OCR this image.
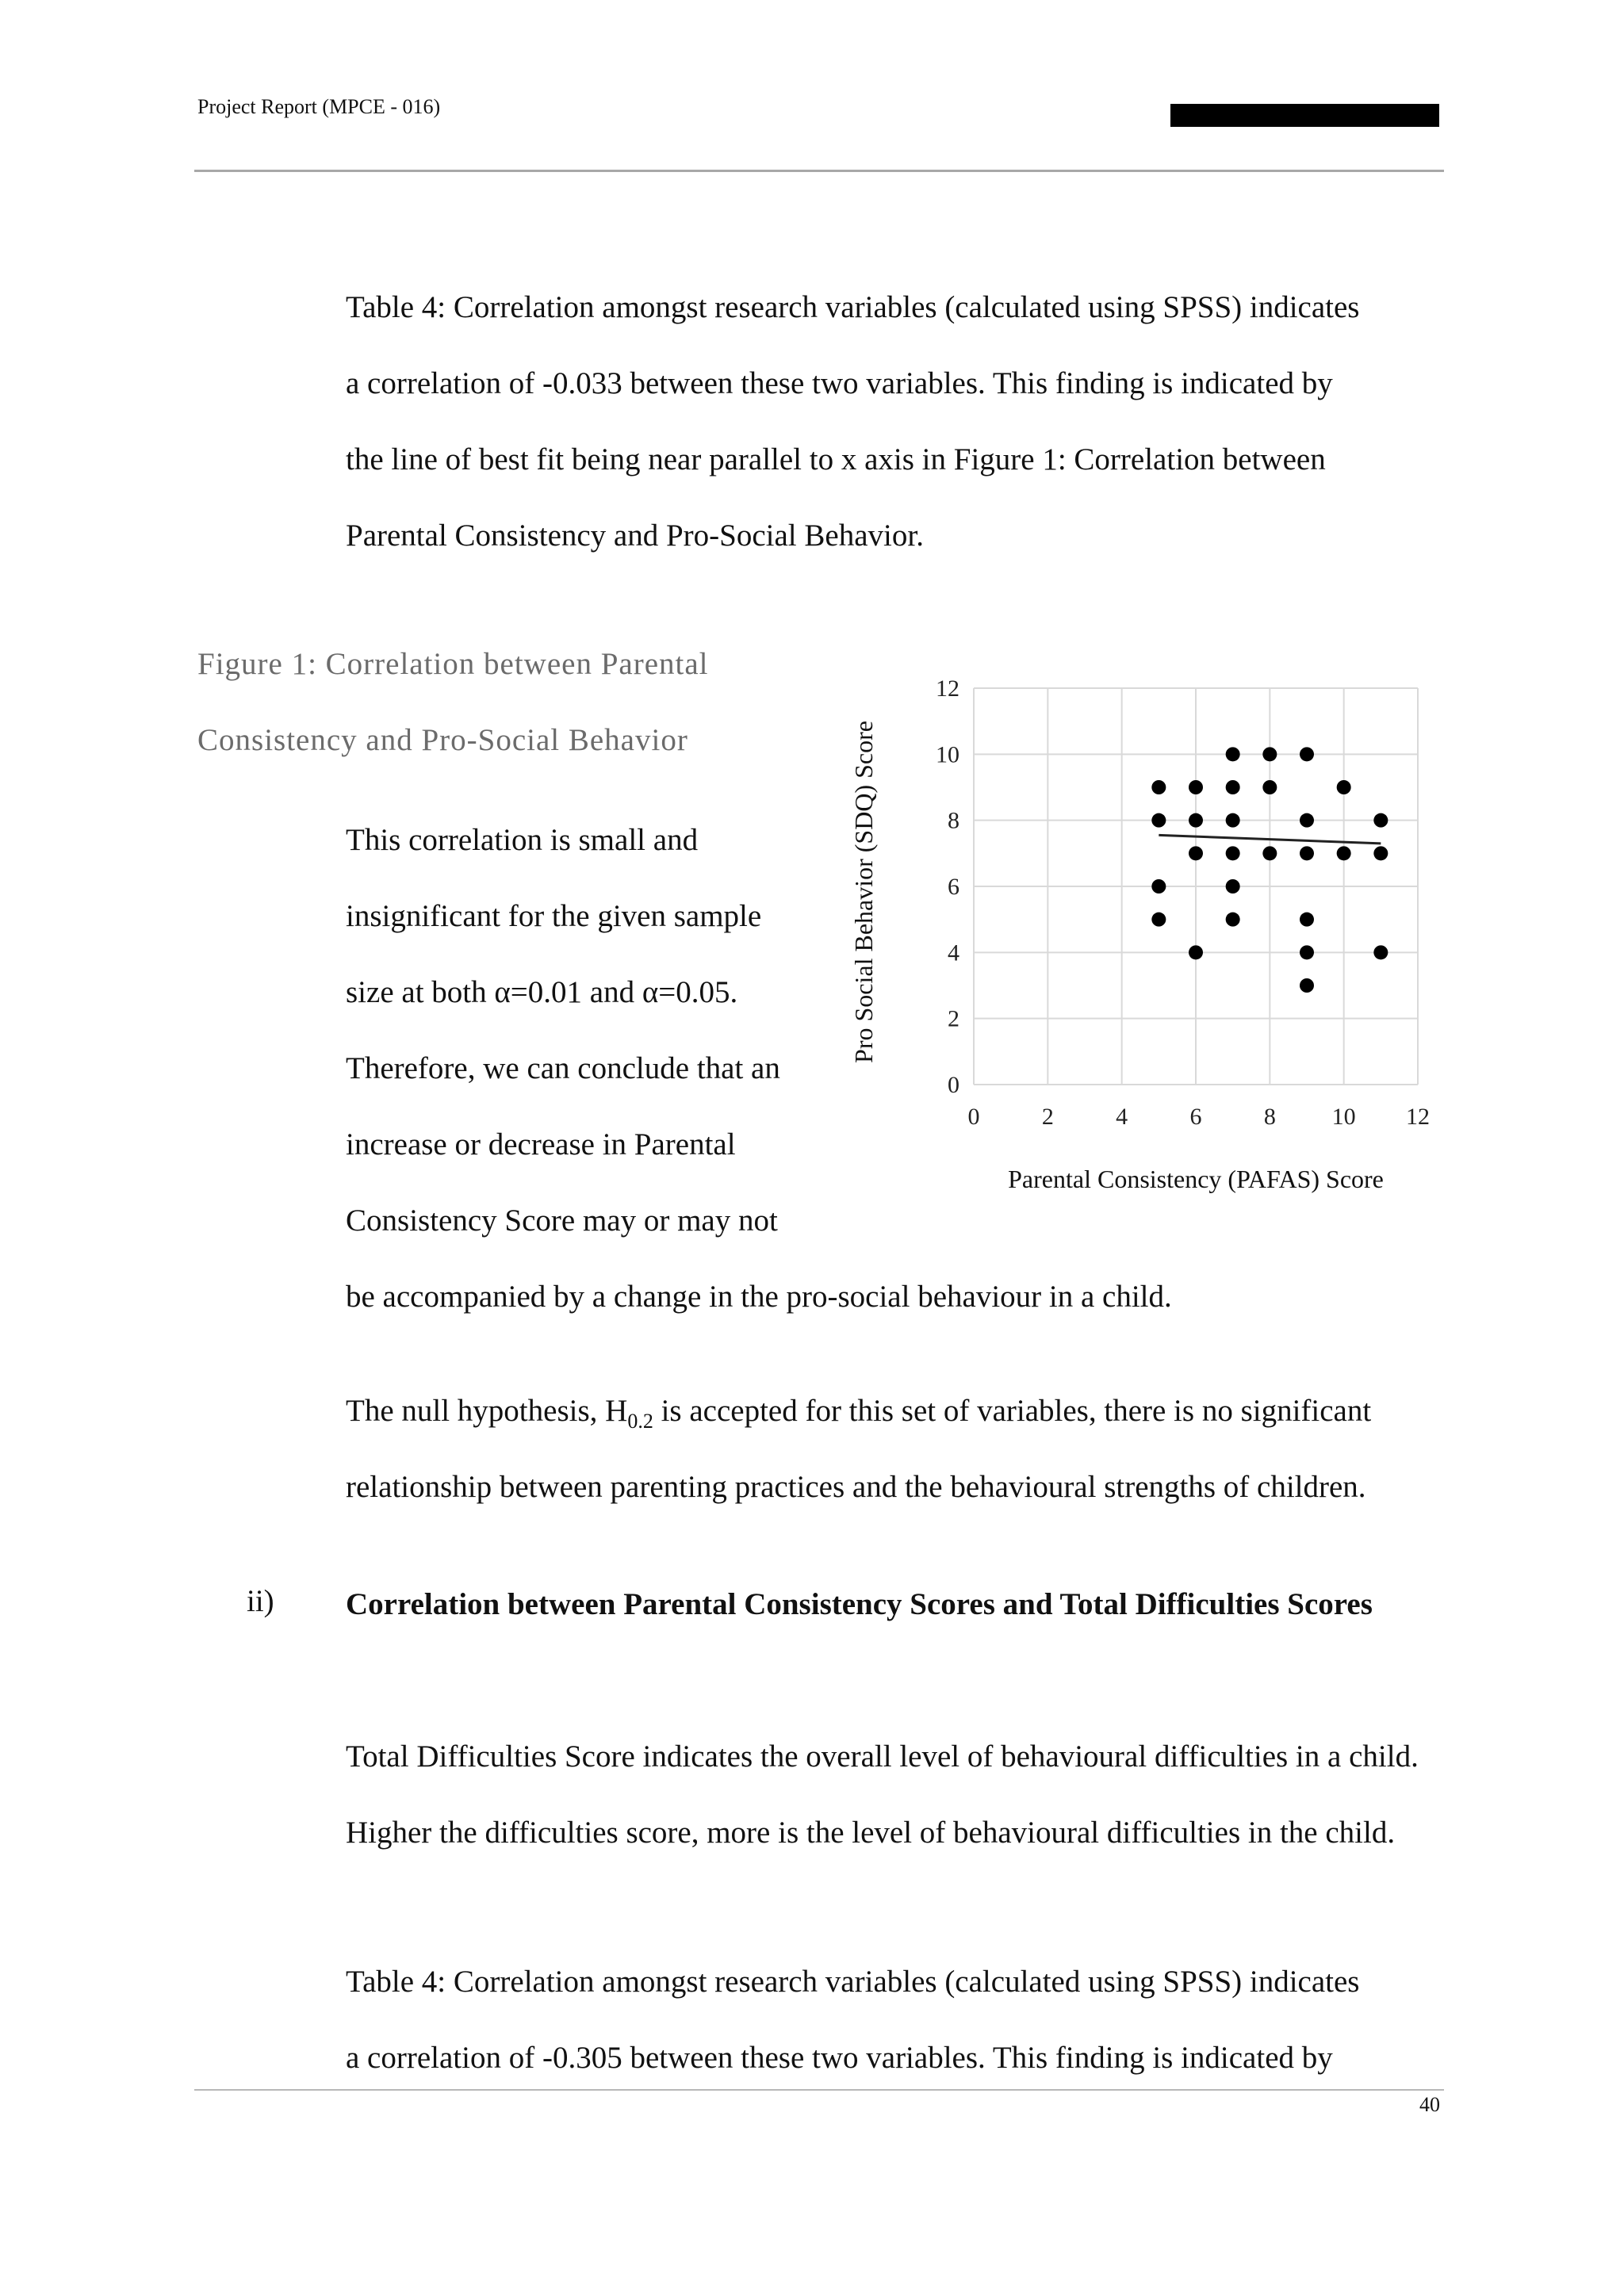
Project Report (MPCE - 016)
Table 4: Correlation amongst research variables (calculated using SPSS) indicates
a correlation of -0.033 between these two variables. This finding is indicated by
the line of best fit being near parallel to x axis in Figure 1: Correlation between
Parental Consistency and Pro-Social Behavior.

Figure 1: Correlation between Parental Consistency and Pro-Social Behavior

This correlation is small and
insignificant for the given sample
size at both α=0.01 and α=0.05.
Therefore, we can conclude that an
increase or decrease in Parental
Consistency Score may or may not
be accompanied by a change in the pro-social behaviour in a child.
The null hypothesis, $H_{0.2}$ is accepted for this set of variables, there is no significant
relationship between parenting practices and the behavioural strengths of children.
ii) Correlation between Parental Consistency Scores and Total Difficulties Scores

Total Difficulties Score indicates the overall level of behavioural difficulties in a child. Higher the difficulties score, more is the level of behavioural difficulties in the child.

Table 4: Correlation amongst research variables (calculated using SPSS) indicates
a correlation of -0.305 between these two variables. This finding is indicated by
0	2	4	6	8 10 12
0
2
4
6
8
10
12
Parental Consistency (PAFAS) Score
Pro Social Behavior (SDQ) Score
40
